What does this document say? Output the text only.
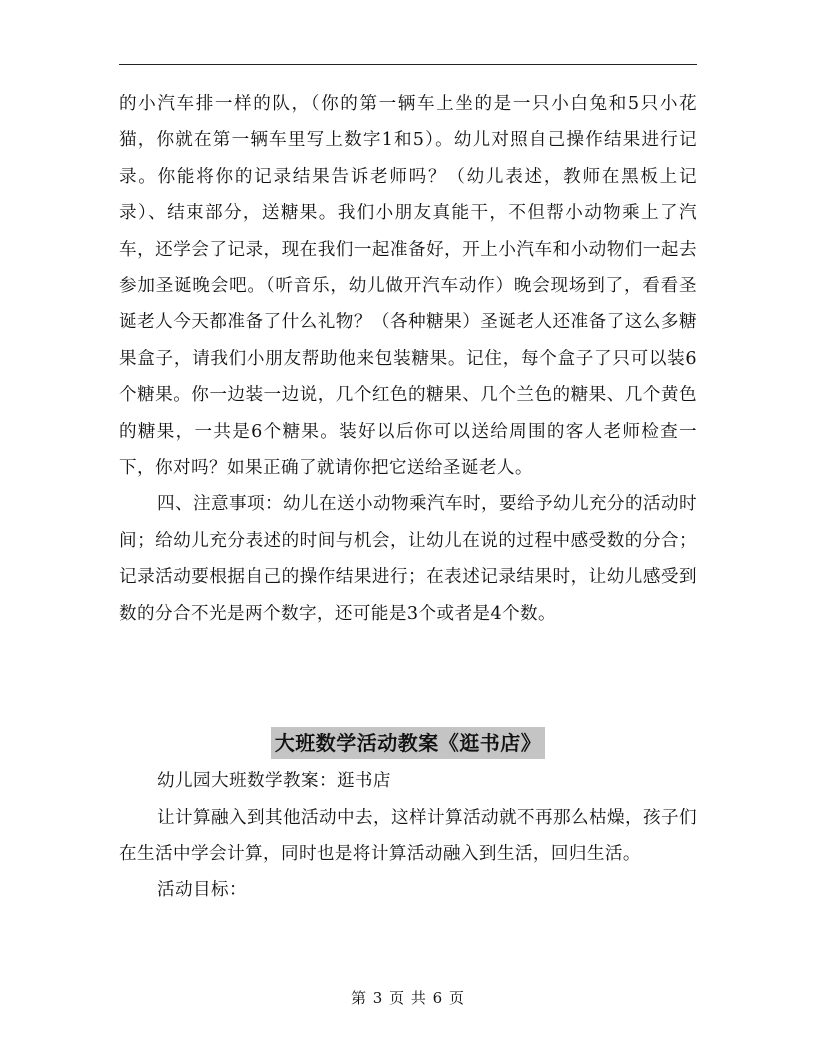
的小汽车排一样的队，（你的第一辆车上坐的是一只小白兔和5只小花猫，你就在第一辆车里写上数字1和5）。幼儿对照自己操作结果进行记录。你能将你的记录结果告诉老师吗？（幼儿表述，教师在黑板上记录）、结束部分，送糖果。我们小朋友真能干，不但帮小动物乘上了汽车，还学会了记录，现在我们一起准备好，开上小汽车和小动物们一起去参加圣诞晚会吧。（听音乐，幼儿做开汽车动作）晚会现场到了，看看圣诞老人今天都准备了什么礼物？（各种糖果）圣诞老人还准备了这么多糖果盒子，请我们小朋友帮助他来包装糖果。记住，每个盒子了只可以装6个糖果。你一边装一边说，几个红色的糖果、几个兰色的糖果、几个黄色的糖果，一共是6个糖果。装好以后你可以送给周围的客人老师检查一下，你对吗？如果正确了就请你把它送给圣诞老人。

四、注意事项：幼儿在送小动物乘汽车时，要给予幼儿充分的活动时间；给幼儿充分表述的时间与机会，让幼儿在说的过程中感受数的分合；记录活动要根据自己的操作结果进行；在表述记录结果时，让幼儿感受到数的分合不光是两个数字，还可能是3个或者是4个数。

大班数学活动教案《逛书店》

幼儿园大班数学教案：逛书店

让计算融入到其他活动中去，这样计算活动就不再那么枯燥，孩子们在生活中学会计算，同时也是将计算活动融入到生活，回归生活。

活动目标：

第 3 页 共 6 页
